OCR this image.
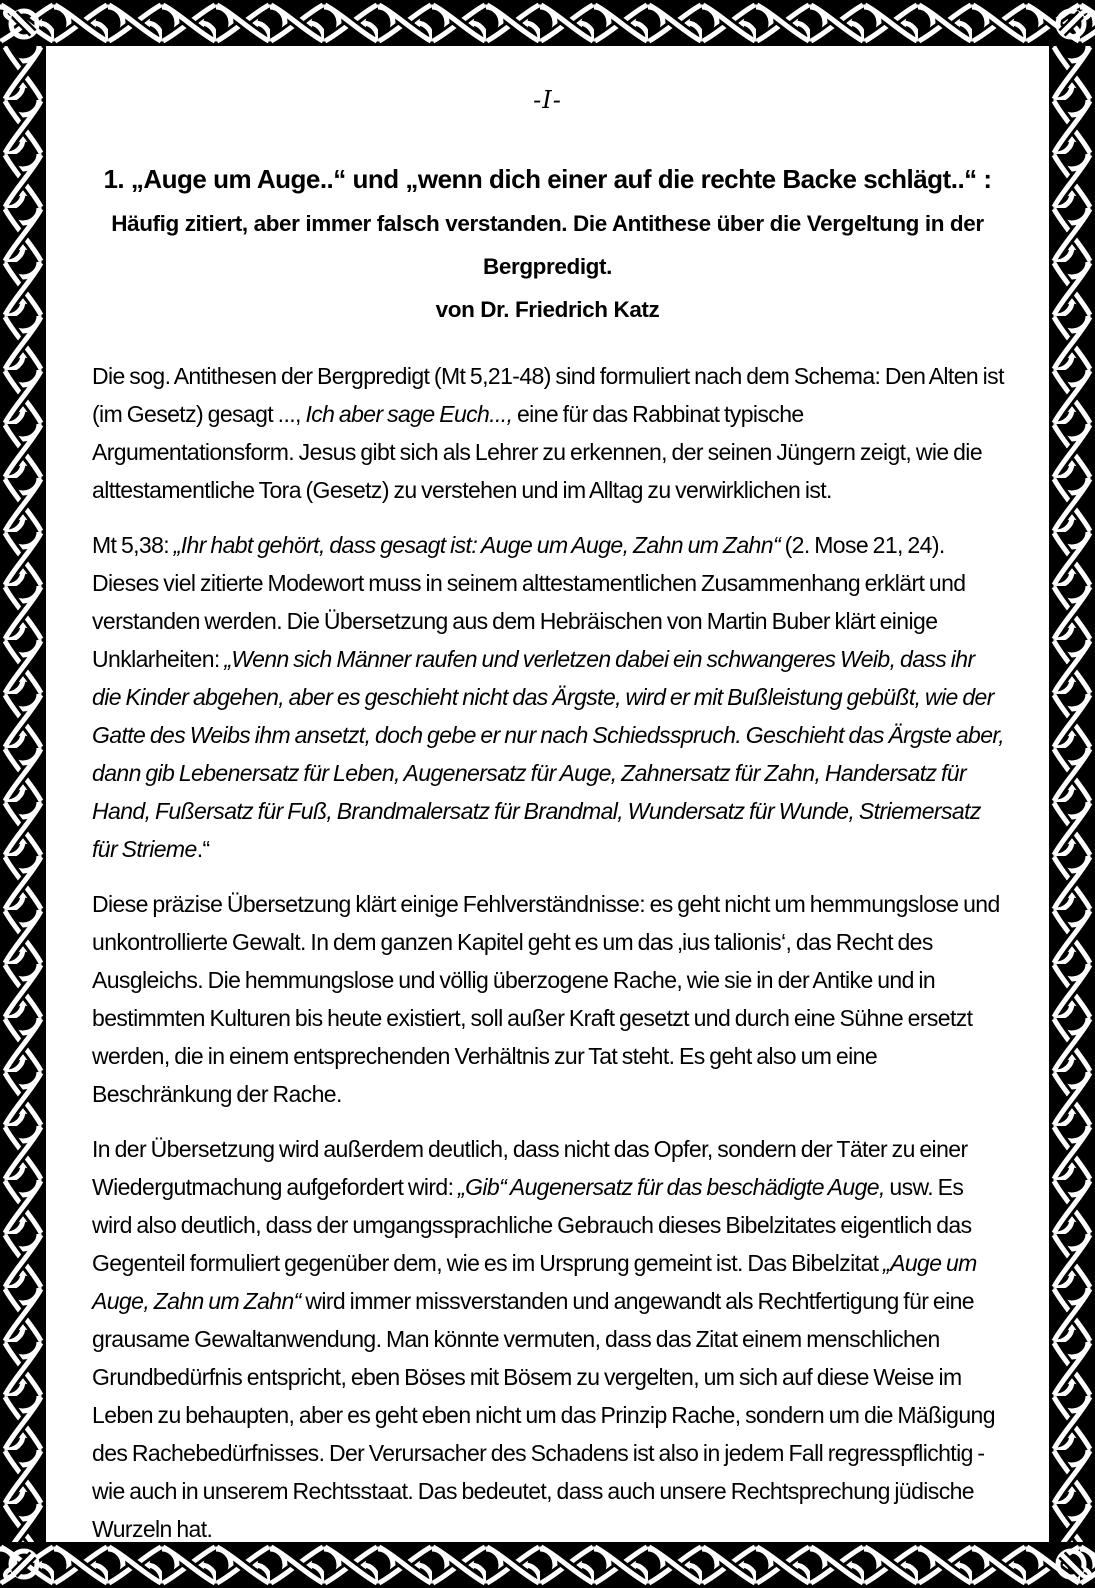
-I-
1. „Auge um Auge..“ und „wenn dich einer auf die rechte Backe schlägt..“ :
Häufig zitiert, aber immer falsch verstanden. Die Antithese über die Vergeltung in der
Bergpredigt.
von Dr. Friedrich Katz

Die sog. Antithesen der Bergpredigt (Mt 5,21-48) sind formuliert nach dem Schema: Den Alten ist (im Gesetz) gesagt ..., Ich aber sage Euch..., eine für das Rabbinat typische Argumentationsform. Jesus gibt sich als Lehrer zu erkennen, der seinen Jüngern zeigt, wie die alttestamentliche Tora (Gesetz) zu verstehen und im Alltag zu verwirklichen ist.

Mt 5,38: „Ihr habt gehört, dass gesagt ist: Auge um Auge, Zahn um Zahn“ (2. Mose 21, 24). Dieses viel zitierte Modewort muss in seinem alttestamentlichen Zusammenhang erklärt und verstanden werden. Die Übersetzung aus dem Hebräischen von Martin Buber klärt einige Unklarheiten: „Wenn sich Männer raufen und verletzen dabei ein schwangeres Weib, dass ihr die Kinder abgehen, aber es geschieht nicht das Ärgste, wird er mit Bußleistung gebüßt, wie der Gatte des Weibs ihm ansetzt, doch gebe er nur nach Schiedsspruch. Geschieht das Ärgste aber, dann gib Lebenersatz für Leben, Augenersatz für Auge, Zahnersatz für Zahn, Handersatz für Hand, Fußersatz für Fuß, Brandmalersatz für Brandmal, Wundersatz für Wunde, Striemersatz für Strieme.“

Diese präzise Übersetzung klärt einige Fehlverständnisse: es geht nicht um hemmungslose und unkontrollierte Gewalt. In dem ganzen Kapitel geht es um das ‚ius talionis‘, das Recht des Ausgleichs. Die hemmungslose und völlig überzogene Rache, wie sie in der Antike und in bestimmten Kulturen bis heute existiert, soll außer Kraft gesetzt und durch eine Sühne ersetzt werden, die in einem entsprechenden Verhältnis zur Tat steht. Es geht also um eine Beschränkung der Rache.

In der Übersetzung wird außerdem deutlich, dass nicht das Opfer, sondern der Täter zu einer Wiedergutmachung aufgefordert wird: „Gib“ Augenersatz für das beschädigte Auge, usw. Es wird also deutlich, dass der umgangssprachliche Gebrauch dieses Bibelzitates eigentlich das Gegenteil formuliert gegenüber dem, wie es im Ursprung gemeint ist. Das Bibelzitat „Auge um Auge, Zahn um Zahn“ wird immer missverstanden und angewandt als Rechtfertigung für eine grausame Gewaltanwendung. Man könnte vermuten, dass das Zitat einem menschlichen Grundbedürfnis entspricht, eben Böses mit Bösem zu vergelten, um sich auf diese Weise im Leben zu behaupten, aber es geht eben nicht um das Prinzip Rache, sondern um die Mäßigung des Rachebedürfnisses. Der Verursacher des Schadens ist also in jedem Fall regresspflichtig -wie auch in unserem Rechtsstaat. Das bedeutet, dass auch unsere Rechtsprechung jüdische Wurzeln hat.
